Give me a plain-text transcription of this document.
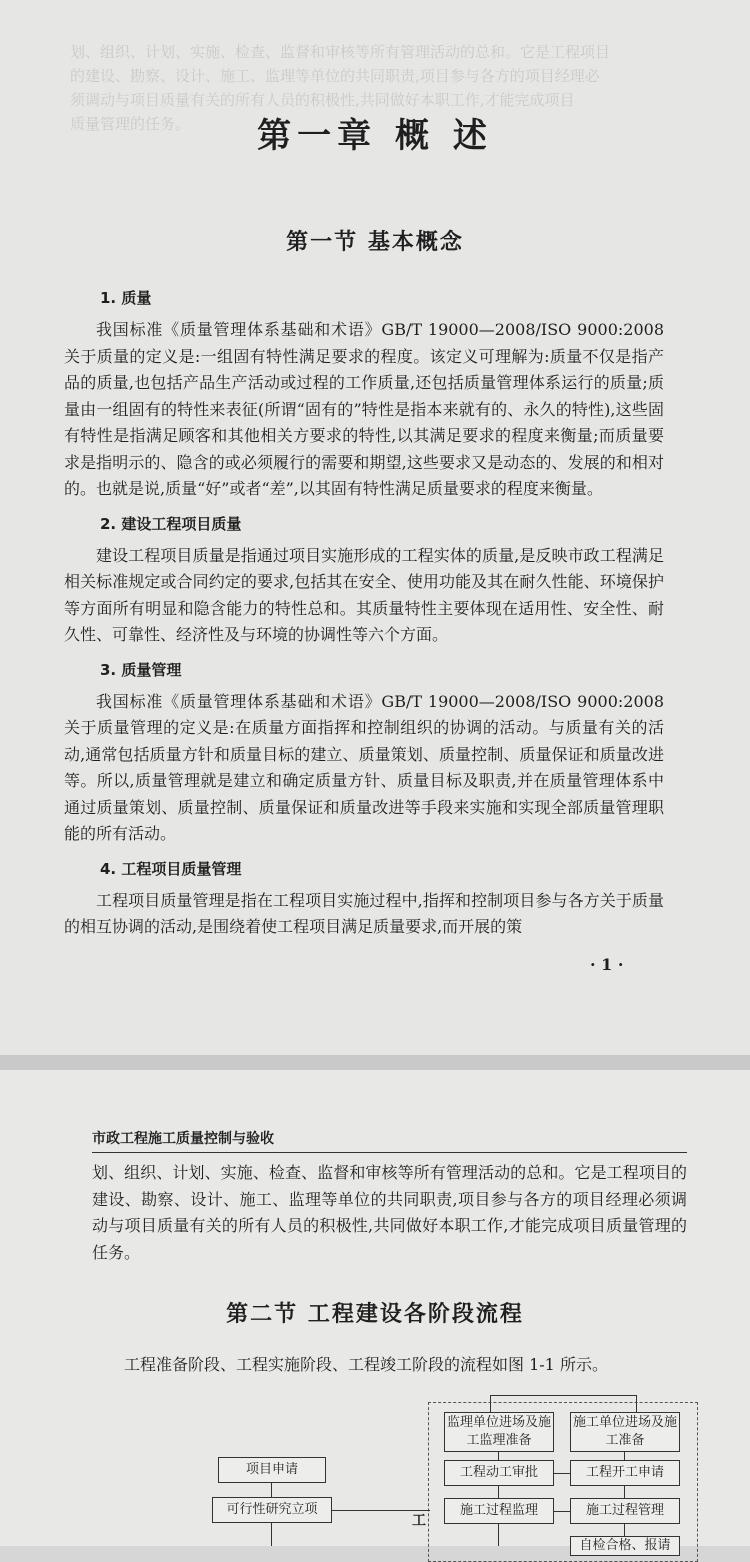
划、组织、计划、实施、检查、监督和审核等所有管理活动的总和。它是工程项目
的建设、勘察、设计、施工、监理等单位的共同职责,项目参与各方的项目经理必
须调动与项目质量有关的所有人员的积极性,共同做好本职工作,才能完成项目
质量管理的任务。	第一章 概 述
第一节 基本概念

1. 质量

我国标准《质量管理体系基础和术语》GB/T 19000—2008/ISO 9000:2008关于质量的定义是:一组固有特性满足要求的程度。该定义可理解为:质量不仅是指产品的质量,也包括产品生产活动或过程的工作质量,还包括质量管理体系运行的质量;质量由一组固有的特性来表征(所谓“固有的”特性是指本来就有的、永久的特性),这些固有特性是指满足顾客和其他相关方要求的特性,以其满足要求的程度来衡量;而质量要求是指明示的、隐含的或必须履行的需要和期望,这些要求又是动态的、发展的和相对的。也就是说,质量“好”或者“差”,以其固有特性满足质量要求的程度来衡量。

2. 建设工程项目质量

建设工程项目质量是指通过项目实施形成的工程实体的质量,是反映市政工程满足相关标准规定或合同约定的要求,包括其在安全、使用功能及其在耐久性能、环境保护等方面所有明显和隐含能力的特性总和。其质量特性主要体现在适用性、安全性、耐久性、可靠性、经济性及与环境的协调性等六个方面。

3. 质量管理

我国标准《质量管理体系基础和术语》GB/T 19000—2008/ISO 9000:2008关于质量管理的定义是:在质量方面指挥和控制组织的协调的活动。与质量有关的活动,通常包括质量方针和质量目标的建立、质量策划、质量控制、质量保证和质量改进等。所以,质量管理就是建立和确定质量方针、质量目标及职责,并在质量管理体系中通过质量策划、质量控制、质量保证和质量改进等手段来实施和实现全部质量管理职能的所有活动。

4. 工程项目质量管理

工程项目质量管理是指在工程项目实施过程中,指挥和控制项目参与各方关于质量的相互协调的活动,是围绕着使工程项目满足质量要求,而开展的策

· 1 ·
市政工程施工质量控制与验收

划、组织、计划、实施、检查、监督和审核等所有管理活动的总和。它是工程项目的建设、勘察、设计、施工、监理等单位的共同职责,项目参与各方的项目经理必须调动与项目质量有关的所有人员的积极性,共同做好本职工作,才能完成项目质量管理的任务。

第二节 工程建设各阶段流程

工程准备阶段、工程实施阶段、工程竣工阶段的流程如图 1-1 所示。

项目申请
可行性研究立项
监理单位进场及施工监理准备
工程动工审批
施工过程监理
施工单位进场及施工准备
工程开工申请
施工过程管理
自检合格、报请
工
